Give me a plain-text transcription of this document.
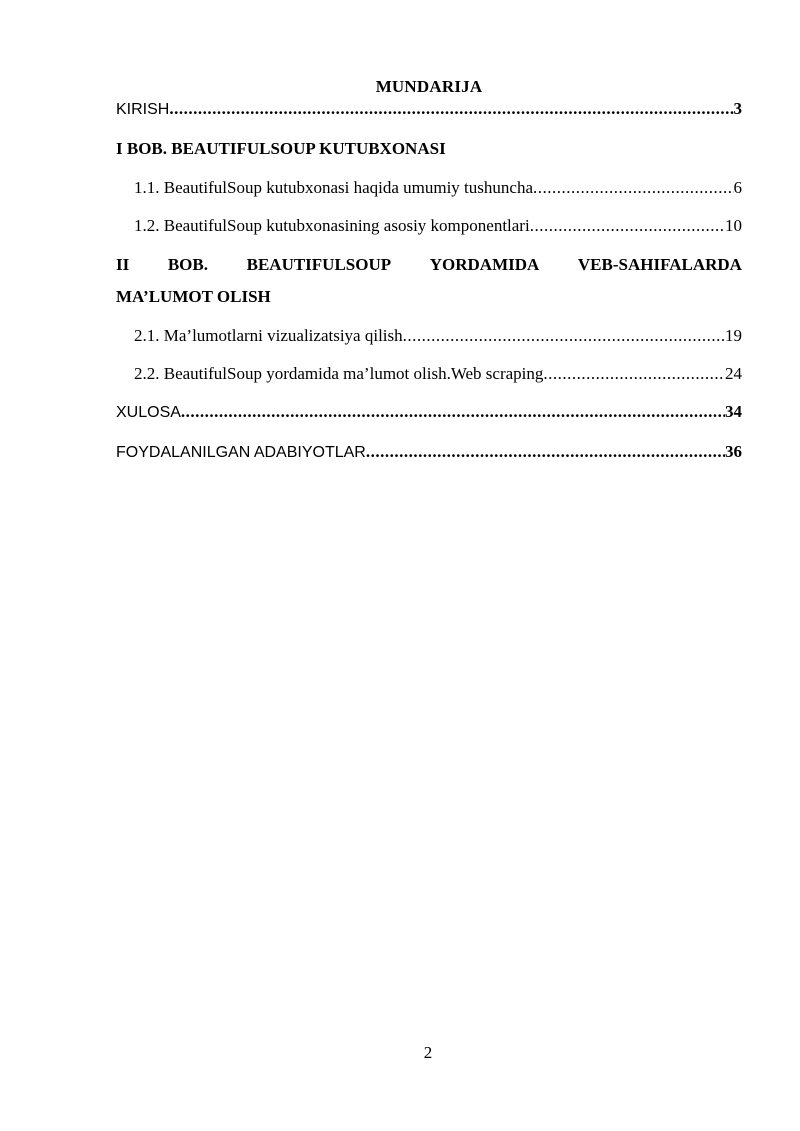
MUNDARIJA
KIRISH .....	3
I BOB. BEAUTIFULSOUP KUTUBXONASI
1.1. BeautifulSoup kutubxonasi haqida umumiy tushuncha .....	6
1.2. BeautifulSoup kutubxonasining asosiy komponentlari .....	10
II BOB. BEAUTIFULSOUP YORDAMIDA VEB-SAHIFALARDA
MA’LUMOT OLISH
2.1. Ma’lumotlarni vizualizatsiya qilish .....	19
2.2. BeautifulSoup yordamida ma’lumot olish.Web scraping .....	24
XULOSA .....	34
FOYDALANILGAN ADABIYOTLAR .....	36
2
